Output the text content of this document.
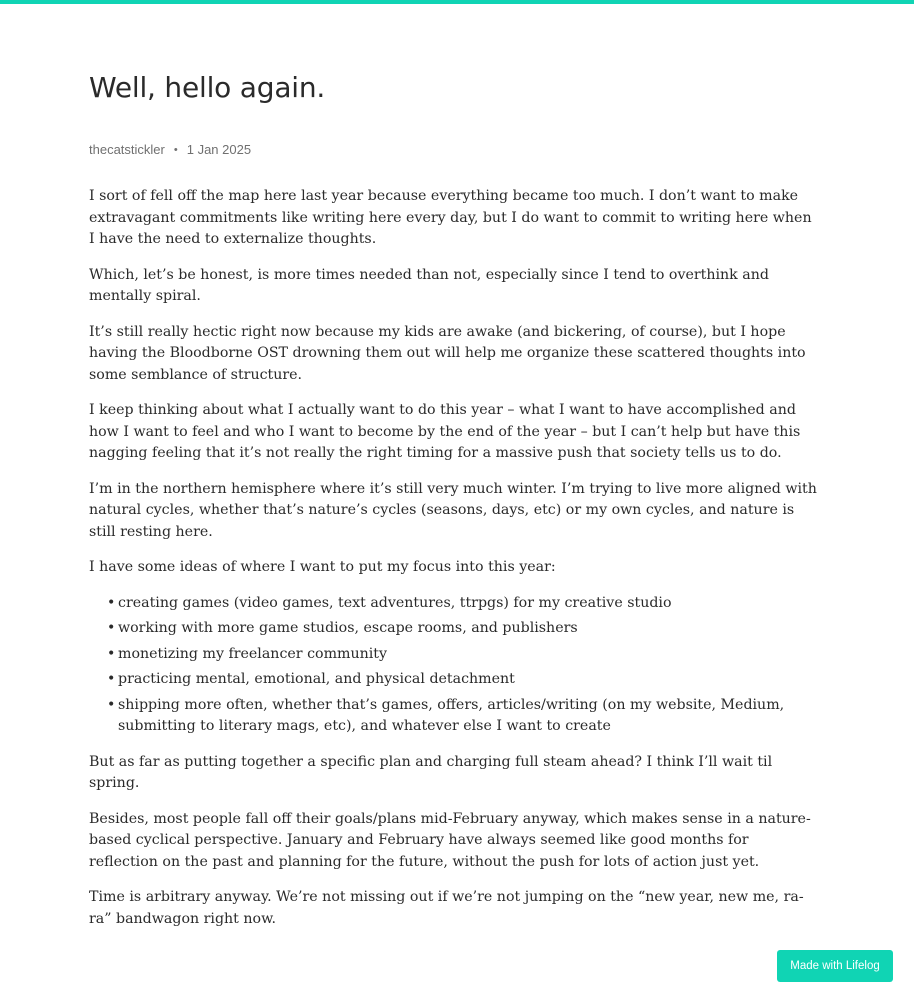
Well, hello again.
thecatstickler • 1 Jan 2025

I sort of fell off the map here last year because everything became too much. I don’t want to make extravagant commitments like writing here every day, but I do want to commit to writing here when I have the need to externalize thoughts.

Which, let’s be honest, is more times needed than not, especially since I tend to overthink and mentally spiral.

It’s still really hectic right now because my kids are awake (and bickering, of course), but I hope having the Bloodborne OST drowning them out will help me organize these scattered thoughts into some semblance of structure.

I keep thinking about what I actually want to do this year – what I want to have accomplished and how I want to feel and who I want to become by the end of the year – but I can’t help but have this nagging feeling that it’s not really the right timing for a massive push that society tells us to do.

I’m in the northern hemisphere where it’s still very much winter. I’m trying to live more aligned with natural cycles, whether that’s nature’s cycles (seasons, days, etc) or my own cycles, and nature is still resting here.

I have some ideas of where I want to put my focus into this year:

• creating games (video games, text adventures, ttrpgs) for my creative studio
• working with more game studios, escape rooms, and publishers
• monetizing my freelancer community
• practicing mental, emotional, and physical detachment
• shipping more often, whether that’s games, offers, articles/writing (on my website, Medium, submitting to literary mags, etc), and whatever else I want to create

But as far as putting together a specific plan and charging full steam ahead? I think I’ll wait til spring.

Besides, most people fall off their goals/plans mid-February anyway, which makes sense in a nature-based cyclical perspective. January and February have always seemed like good months for reflection on the past and planning for the future, without the push for lots of action just yet.

Time is arbitrary anyway. We’re not missing out if we’re not jumping on the “new year, new me, ra-ra” bandwagon right now.

Made with Lifelog
